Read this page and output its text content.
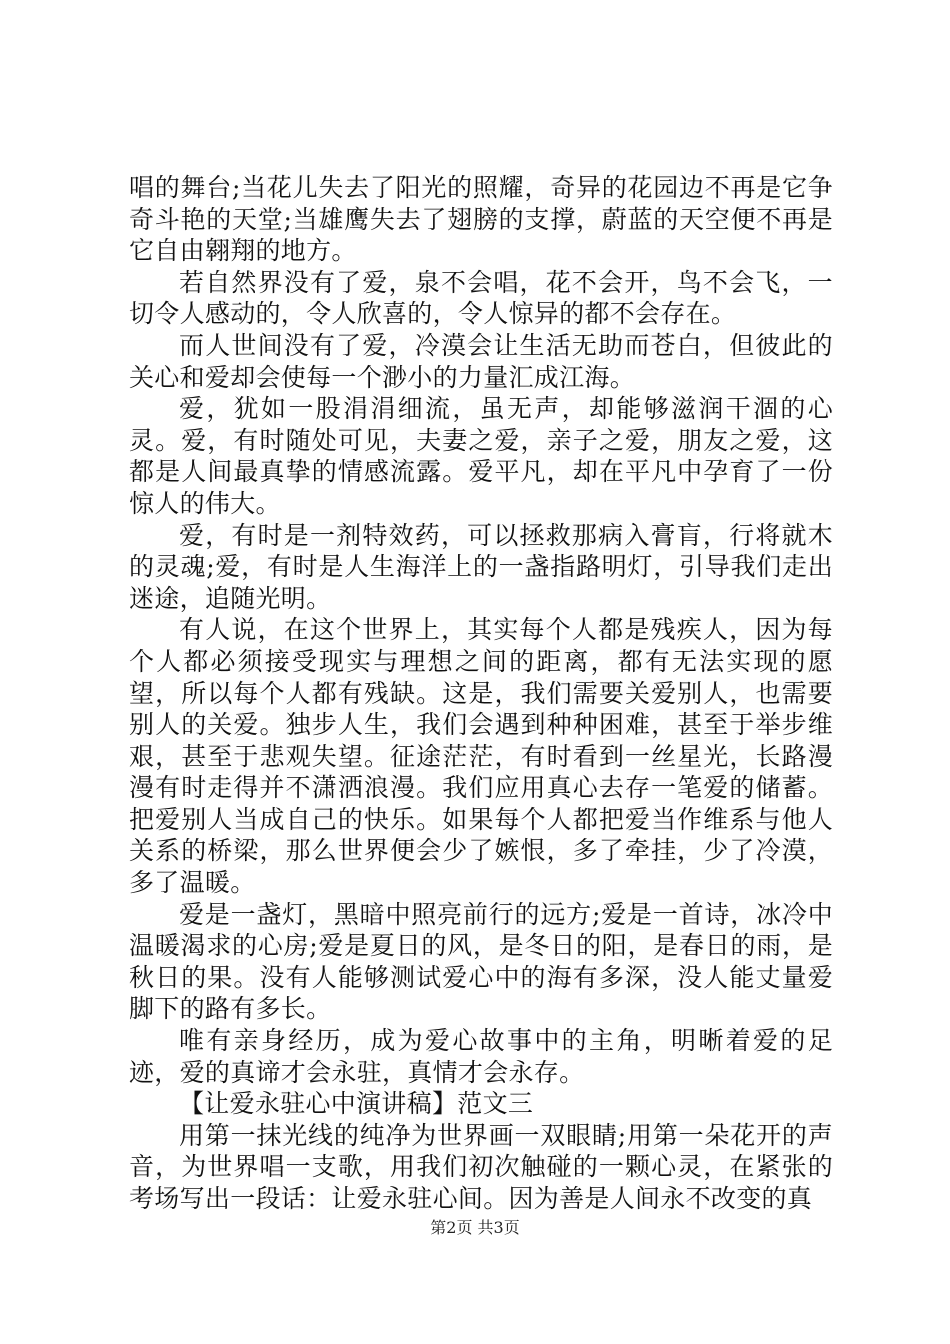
唱的舞台;当花儿失去了阳光的照耀，奇异的花园边不再是它争奇斗艳的天堂;当雄鹰失去了翅膀的支撑，蔚蓝的天空便不再是它自由翱翔的地方。

若自然界没有了爱，泉不会唱，花不会开，鸟不会飞，一切令人感动的，令人欣喜的，令人惊异的都不会存在。

而人世间没有了爱，冷漠会让生活无助而苍白，但彼此的关心和爱却会使每一个渺小的力量汇成江海。

爱，犹如一股涓涓细流，虽无声，却能够滋润干涸的心灵。爱，有时随处可见，夫妻之爱，亲子之爱，朋友之爱，这都是人间最真挚的情感流露。爱平凡，却在平凡中孕育了一份惊人的伟大。

爱，有时是一剂特效药，可以拯救那病入膏肓，行将就木的灵魂;爱，有时是人生海洋上的一盏指路明灯，引导我们走出迷途，追随光明。

有人说，在这个世界上，其实每个人都是残疾人，因为每个人都必须接受现实与理想之间的距离，都有无法实现的愿望，所以每个人都有残缺。这是，我们需要关爱别人，也需要别人的关爱。独步人生，我们会遇到种种困难，甚至于举步维艰，甚至于悲观失望。征途茫茫，有时看到一丝星光，长路漫漫有时走得并不潇洒浪漫。我们应用真心去存一笔爱的储蓄。把爱别人当成自己的快乐。如果每个人都把爱当作维系与他人关系的桥梁，那么世界便会少了嫉恨，多了牵挂，少了冷漠，多了温暖。

爱是一盏灯，黑暗中照亮前行的远方;爱是一首诗，冰冷中温暖渴求的心房;爱是夏日的风，是冬日的阳，是春日的雨，是秋日的果。没有人能够测试爱心中的海有多深，没人能丈量爱脚下的路有多长。

唯有亲身经历，成为爱心故事中的主角，明晰着爱的足迹，爱的真谛才会永驻，真情才会永存。

【让爱永驻心中演讲稿】范文三

用第一抹光线的纯净为世界画一双眼睛;用第一朵花开的声音，为世界唱一支歌，用我们初次触碰的一颗心灵，在紧张的考场写出一段话：让爱永驻心间。因为善是人间永不改变的真

第2页 共3页
